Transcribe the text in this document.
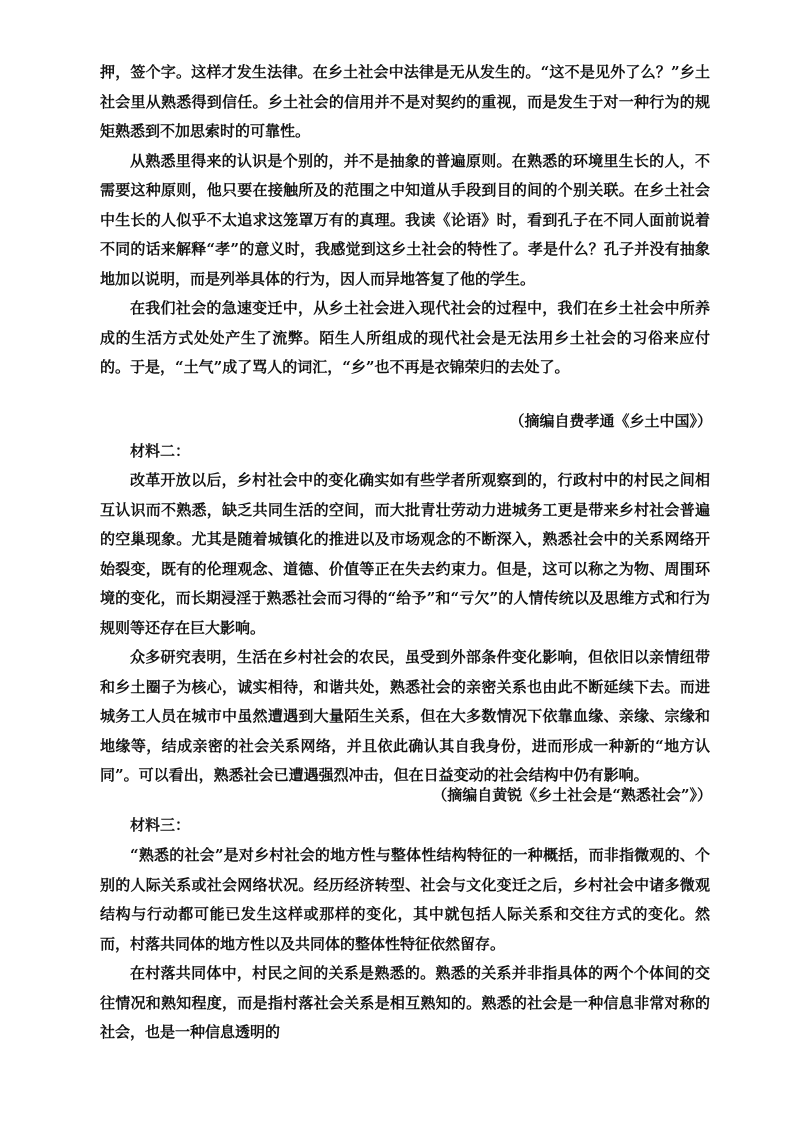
押，签个字。这样才发生法律。在乡土社会中法律是无从发生的。“这不是见外了么？”乡土社会里从熟悉得到信任。乡土社会的信用并不是对契约的重视，而是发生于对一种行为的规矩熟悉到不加思索时的可靠性。

从熟悉里得来的认识是个别的，并不是抽象的普遍原则。在熟悉的环境里生长的人，不需要这种原则，他只要在接触所及的范围之中知道从手段到目的间的个别关联。在乡土社会中生长的人似乎不太追求这笼罩万有的真理。我读《论语》时，看到孔子在不同人面前说着不同的话来解释“孝”的意义时，我感觉到这乡土社会的特性了。孝是什么？孔子并没有抽象地加以说明，而是列举具体的行为，因人而异地答复了他的学生。

在我们社会的急速变迁中，从乡土社会进入现代社会的过程中，我们在乡土社会中所养成的生活方式处处产生了流弊。陌生人所组成的现代社会是无法用乡土社会的习俗来应付的。于是，“土气”成了骂人的词汇，“乡”也不再是衣锦荣归的去处了。

（摘编自费孝通《乡土中国》）
材料二：

改革开放以后，乡村社会中的变化确实如有些学者所观察到的，行政村中的村民之间相互认识而不熟悉，缺乏共同生活的空间，而大批青壮劳动力进城务工更是带来乡村社会普遍的空巢现象。尤其是随着城镇化的推进以及市场观念的不断深入，熟悉社会中的关系网络开始裂变，既有的伦理观念、道德、价值等正在失去约束力。但是，这可以称之为物、周围环境的变化，而长期浸淫于熟悉社会而习得的“给予”和“亏欠”的人情传统以及思维方式和行为规则等还存在巨大影响。

众多研究表明，生活在乡村社会的农民，虽受到外部条件变化影响，但依旧以亲情纽带和乡土圈子为核心，诚实相待，和谐共处，熟悉社会的亲密关系也由此不断延续下去。而进城务工人员在城市中虽然遭遇到大量陌生关系，但在大多数情况下依靠血缘、亲缘、宗缘和地缘等，结成亲密的社会关系网络，并且依此确认其自我身份，进而形成一种新的“地方认同”。可以看出，熟悉社会已遭遇强烈冲击，但在日益变动的社会结构中仍有影响。

（摘编自黄锐《乡土社会是“熟悉社会”》）
材料三：

“熟悉的社会”是对乡村社会的地方性与整体性结构特征的一种概括，而非指微观的、个别的人际关系或社会网络状况。经历经济转型、社会与文化变迁之后，乡村社会中诸多微观结构与行动都可能已发生这样或那样的变化，其中就包括人际关系和交往方式的变化。然而，村落共同体的地方性以及共同体的整体性特征依然留存。

在村落共同体中，村民之间的关系是熟悉的。熟悉的关系并非指具体的两个个体间的交往情况和熟知程度，而是指村落社会关系是相互熟知的。熟悉的社会是一种信息非常对称的社会，也是一种信息透明的
